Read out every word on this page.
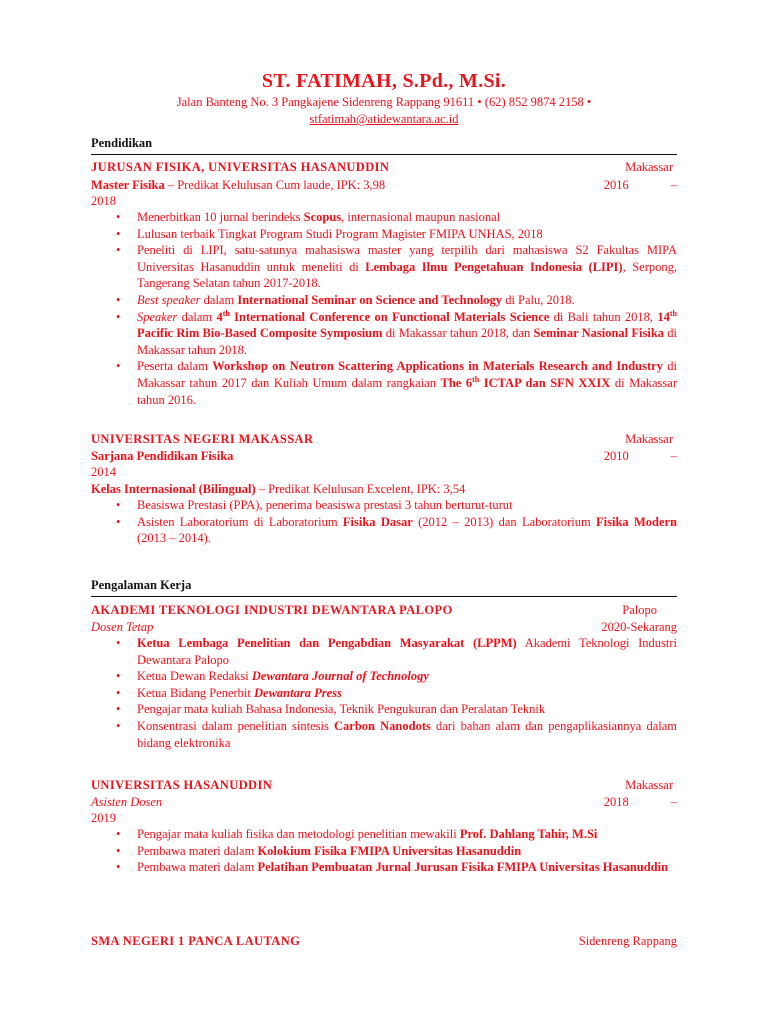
ST. FATIMAH, S.Pd., M.Si.
Jalan Banteng No. 3 Pangkajene Sidenreng Rappang 91611 • (62) 852 9874 2158 •
stfatimah@atidewantara.ac.id
Pendidikan
JURUSAN FISIKA, UNIVERSITAS HASANUDDIN	Makassar
Master Fisika – Predikat Kelulusan Cum laude, IPK: 3,98	2016	–
2018
• Menerbitkan 10 jurnal berindeks Scopus, internasional maupun nasional
• Lulusan terbaik Tingkat Program Studi Program Magister FMIPA UNHAS, 2018
• Peneliti di LIPI, satu-satunya mahasiswa master yang terpilih dari mahasiswa S2 Fakultas MIPA Universitas Hasanuddin untuk meneliti di Lembaga Ilmu Pengetahuan Indonesia (LIPI), Serpong, Tangerang Selatan tahun 2017-2018.
• Best speaker dalam International Seminar on Science and Technology di Palu, 2018.
• Speaker dalam 4th International Conference on Functional Materials Science di Bali tahun 2018, 14th Pacific Rim Bio-Based Composite Symposium di Makassar tahun 2018, dan Seminar Nasional Fisika di Makassar tahun 2018.
• Peserta dalam Workshop on Neutron Scattering Applications in Materials Research and Industry di Makassar tahun 2017 dan Kuliah Umum dalam rangkaian The 6th ICTAP dan SFN XXIX di Makassar tahun 2016.
UNIVERSITAS NEGERI MAKASSAR	Makassar
Sarjana Pendidikan Fisika	2010	–
2014
Kelas Internasional (Bilingual) – Predikat Kelulusan Excelent, IPK: 3,54
• Beasiswa Prestasi (PPA), penerima beasiswa prestasi 3 tahun berturut-turut
• Asisten Laboratorium di Laboratorium Fisika Dasar (2012 – 2013) dan Laboratorium Fisika Modern (2013 – 2014).
Pengalaman Kerja
AKADEMI TEKNOLOGI INDUSTRI DEWANTARA PALOPO	Palopo
Dosen Tetap	2020-Sekarang
• Ketua Lembaga Penelitian dan Pengabdian Masyarakat (LPPM) Akademi Teknologi Industri Dewantara Palopo
• Ketua Dewan Redaksi Dewantara Journal of Technology
• Ketua Bidang Penerbit Dewantara Press
• Pengajar mata kuliah Bahasa Indonesia, Teknik Pengukuran dan Peralatan Teknik
• Konsentrasi dalam penelitian sintesis Carbon Nanodots dari bahan alam dan pengaplikasiannya dalam bidang elektronika
UNIVERSITAS HASANUDDIN	Makassar
Asisten Dosen	2018	–
2019
• Pengajar mata kuliah fisika dan metodologi penelitian mewakili Prof. Dahlang Tahir, M.Si
• Pembawa materi dalam Kolokium Fisika FMIPA Universitas Hasanuddin
• Pembawa materi dalam Pelatihan Pembuatan Jurnal Jurusan Fisika FMIPA Universitas Hasanuddin
SMA NEGERI 1 PANCA LAUTANG	Sidenreng Rappang
